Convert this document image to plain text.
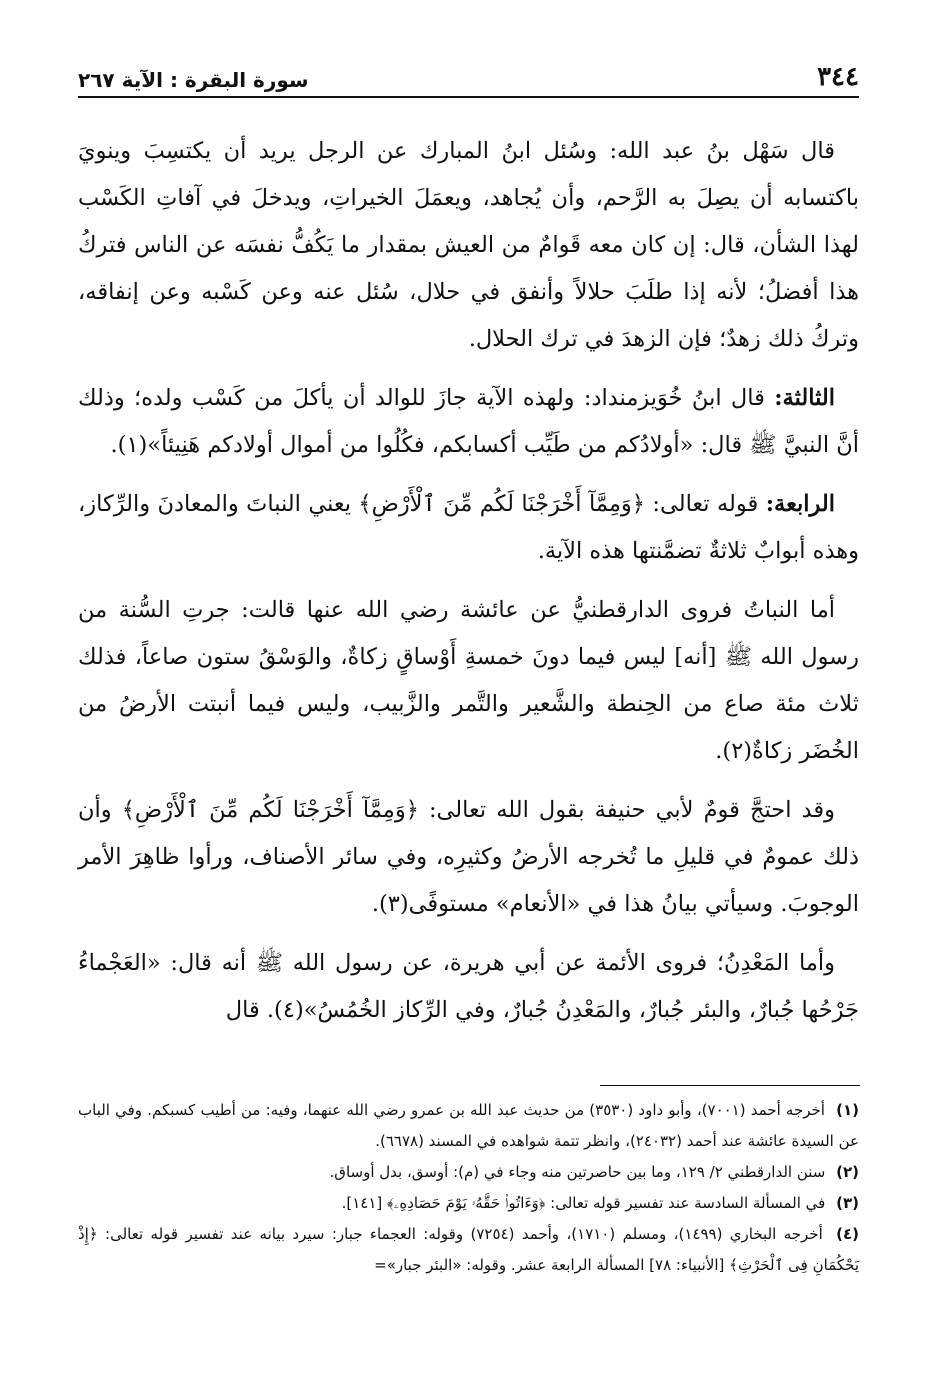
٣٤٤
سورة البقرة : الآية ٢٦٧

قال سَهْل بنُ عبد الله: وسُئل ابنُ المبارك عن الرجل يريد أن يكتسِبَ وينويَ باكتسابه أن يصِلَ به الرَّحم، وأن يُجاهد، ويعمَلَ الخيراتِ، ويدخلَ في آفاتِ الكَسْب لهذا الشأن، قال: إن كان معه قَوامٌ من العيش بمقدار ما يَكُفُّ نفسَه عن الناس فتركُ هذا أفضلُ؛ لأنه إذا طلَبَ حلالاً وأنفق في حلال، سُئل عنه وعن كَسْبه وعن إنفاقه، وتركُ ذلك زهدٌ؛ فإن الزهدَ في ترك الحلال.

الثالثة: قال ابنُ خُوَيزمنداد: ولهذه الآية جازَ للوالد أن يأكلَ من كَسْب ولده؛ وذلك أنَّ النبيَّ ﷺ قال: «أولادُكم من طَيِّب أكسابكم، فكُلُوا من أموال أولادكم هَنِيئاً»(١).

الرابعة: قوله تعالى: ﴿وَمِمَّآ أَخْرَجْنَا لَكُم مِّنَ ٱلْأَرْضِ﴾ يعني النباتَ والمعادنَ والرِّكاز، وهذه أبوابٌ ثلاثةٌ تضمَّنتها هذه الآية.

أما النباتُ فروى الدارقطنيُّ عن عائشة رضي الله عنها قالت: جرتِ السُّنة من رسول الله ﷺ [أنه] ليس فيما دونَ خمسةِ أَوْساقٍ زكاةٌ، والوَسْقُ ستون صاعاً، فذلك ثلاث مئة صاع من الحِنطة والشَّعير والتَّمر والزَّبيب، وليس فيما أنبتت الأرضُ من الخُضَر زكاةٌ(٢).

وقد احتجَّ قومٌ لأبي حنيفة بقول الله تعالى: ﴿وَمِمَّآ أَخْرَجْنَا لَكُم مِّنَ ٱلْأَرْضِ﴾ وأن ذلك عمومٌ في قليلِ ما تُخرجه الأرضُ وكثيرِه، وفي سائر الأصناف، ورأوا ظاهِرَ الأمر الوجوبَ. وسيأتي بيانُ هذا في «الأنعام» مستوفًى(٣).

وأما المَعْدِنُ؛ فروى الأئمة عن أبي هريرة، عن رسول الله ﷺ أنه قال: «العَجْماءُ جَرْحُها جُبارٌ، والبئر جُبارٌ، والمَعْدِنُ جُبارٌ، وفي الرِّكاز الخُمُسُ»(٤). قال

(١) أخرجه أحمد (٧٠٠١)، وأبو داود (٣٥٣٠) من حديث عبد الله بن عمرو رضي الله عنهما، وفيه: من أطيب كسبكم. وفي الباب عن السيدة عائشة عند أحمد (٢٤٠٣٢)، وانظر تتمة شواهده في المسند (٦٦٧٨).

(٢) سنن الدارقطني ٢/ ١٢٩، وما بين حاصرتين منه وجاء في (م): أوسق، بدل أوساق.

(٣) في المسألة السادسة عند تفسير قوله تعالى: ﴿وَءَاتُوا۟ حَقَّهُۥ يَوْمَ حَصَادِهِۦ﴾ [١٤١].

(٤) أخرجه البخاري (١٤٩٩)، ومسلم (١٧١٠)، وأحمد (٧٢٥٤) وقوله: العجماء جبار: سيرد بيانه عند تفسير قوله تعالى: ﴿إِذْ يَحْكُمَانِ فِى ٱلْحَرْثِ﴾ [الأنبياء: ٧٨] المسألة الرابعة عشر. وقوله: «البئر جبار»=
